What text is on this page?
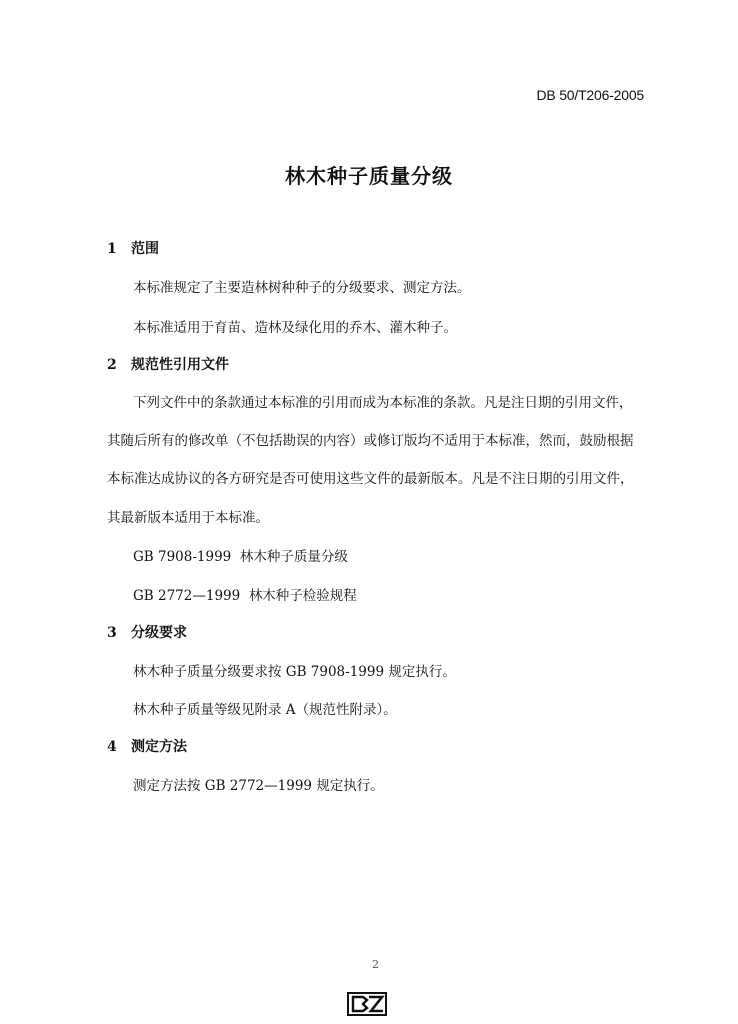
DB 50/T206-2005
林木种子质量分级
1 范围
本标准规定了主要造林树种种子的分级要求、测定方法。
本标准适用于育苗、造林及绿化用的乔木、灌木种子。
2 规范性引用文件
下列文件中的条款通过本标准的引用而成为本标准的条款。凡是注日期的引用文件，
其随后所有的修改单（不包括勘误的内容）或修订版均不适用于本标准，然而，鼓励根据
本标准达成协议的各方研究是否可使用这些文件的最新版本。凡是不注日期的引用文件，
其最新版本适用于本标准。
GB 7908-1999 林木种子质量分级
GB 2772—1999 林木种子检验规程
3 分级要求
林木种子质量分级要求按 GB 7908-1999 规定执行。
林木种子质量等级见附录 A（规范性附录）。
4 测定方法
测定方法按 GB 2772—1999 规定执行。
2
